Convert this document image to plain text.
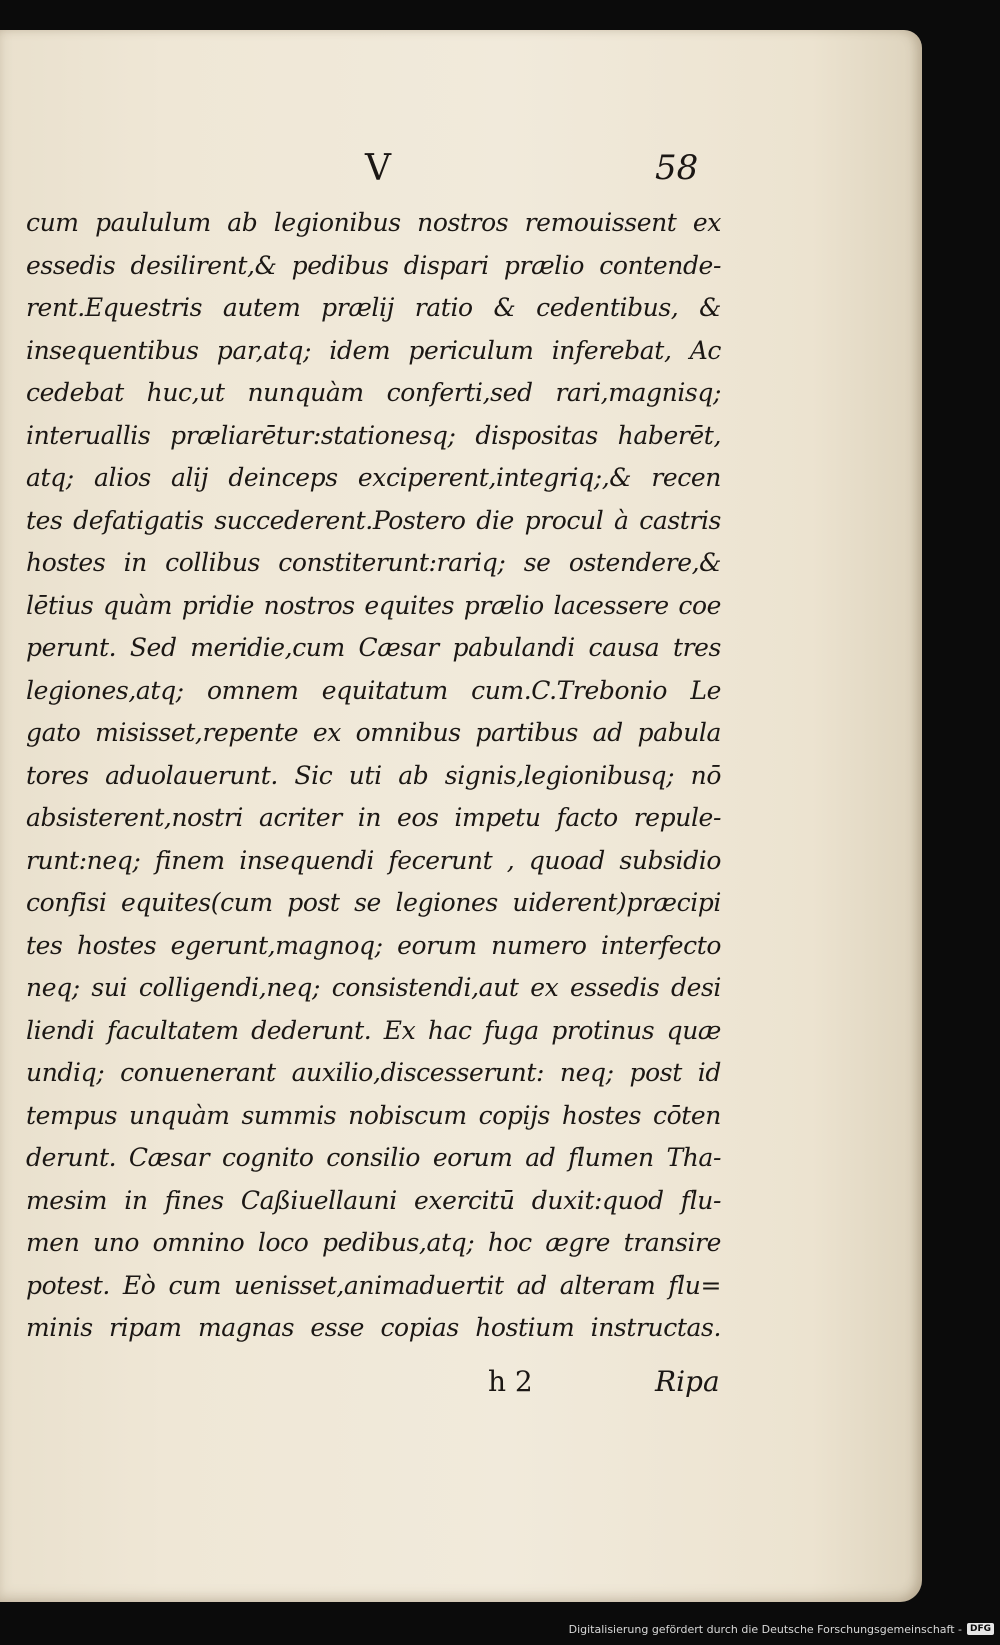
V	58
cum paululum ab legionibus nostros remouissent ex
essedis desilirent,& pedibus dispari prælio contende-
rent.Equestris autem prælij ratio & cedentibus, &
insequentibus par,atq; idem periculum inferebat, Ac
cedebat huc,ut nunquàm conferti,sed rari,magnisq;
interuallis præliarētur:stationesq; dispositas haberēt,
atq; alios alij deinceps exciperent,integriq;,& recen
tes defatigatis succederent.Postero die procul à castris
hostes in collibus constiterunt:rariq; se ostendere,&
lētius quàm pridie nostros equites prælio lacessere coe
perunt. Sed meridie,cum Cæsar pabulandi causa tres
legiones,atq; omnem equitatum cum.C.Trebonio Le
gato misisset,repente ex omnibus partibus ad pabula
tores aduolauerunt. Sic uti ab signis,legionibusq; nō
absisterent,nostri acriter in eos impetu facto repule-
runt:neq; finem insequendi fecerunt , quoad subsidio
confisi equites(cum post se legiones uiderent)præcipi
tes hostes egerunt,magnoq; eorum numero interfecto
neq; sui colligendi,neq; consistendi,aut ex essedis desi
liendi facultatem dederunt. Ex hac fuga protinus quæ
undiq; conuenerant auxilio,discesserunt: neq; post id
tempus unquàm summis nobiscum copijs hostes cōten
derunt. Cæsar cognito consilio eorum ad flumen Tha-
mesim in fines Caßiuellauni exercitū duxit:quod flu-
men uno omnino loco pedibus,atq; hoc ægre transire
potest. Eò cum uenisset,animaduertit ad alteram flu=
minis ripam magnas esse copias hostium instructas.
h 2	Ripa
Digitalisierung gefördert durch die Deutsche Forschungsgemeinschaft - DFG
